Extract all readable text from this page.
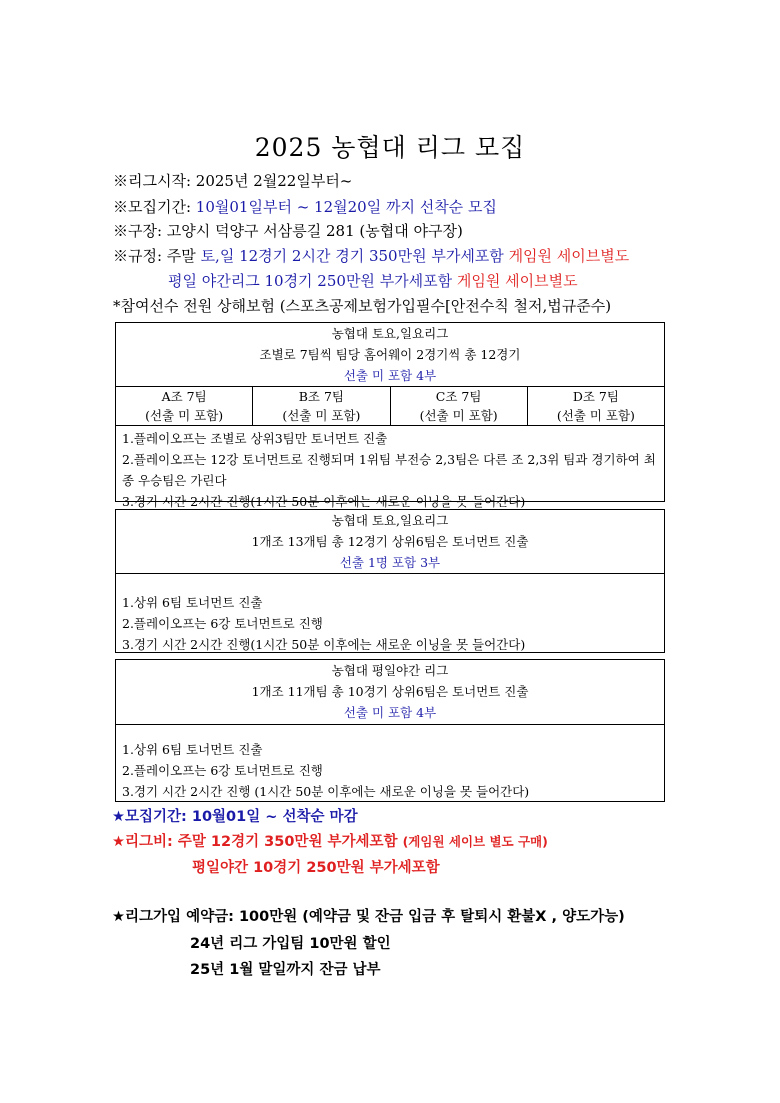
2025 농협대 리그 모집
※리그시작: 2025년 2월22일부터~
※모집기간: 10월01일부터 ~ 12월20일 까지 선착순 모집
※구장: 고양시 덕양구 서삼릉길 281 (농협대 야구장)
※규정: 주말 토,일 12경기 2시간 경기 350만원 부가세포함 게임원 세이브별도
평일 야간리그 10경기 250만원 부가세포함 게임원 세이브별도
*참여선수 전원 상해보험 (스포츠공제보험가입필수[안전수칙 철저,법규준수)
농협대 토요,일요리그
조별로 7팀씩 팀당 홈어웨이 2경기씩 총 12경기
선출 미 포함 4부
A조 7팀
(선출 미 포함)
B조 7팀
(선출 미 포함)
C조 7팀
(선출 미 포함)
D조 7팀
(선출 미 포함)
1.플레이오프는 조별로 상위3팀만 토너먼트 진출
2.플레이오프는 12강 토너먼트로 진행되며 1위팀 부전승 2,3팀은 다른 조 2,3위 팀과 경기하여 최종 우승팀은 가린다
3.경기 시간 2시간 진행(1시간 50분 이후에는 새로운 이닝을 못 들어간다)
농협대 토요,일요리그
1개조 13개팀 총 12경기 상위6팀은 토너먼트 진출
선출 1명 포함 3부
1.상위 6팀 토너먼트 진출
2.플레이오프는 6강 토너먼트로 진행
3.경기 시간 2시간 진행(1시간 50분 이후에는 새로운 이닝을 못 들어간다)
농협대 평일야간 리그
1개조 11개팀 총 10경기 상위6팀은 토너먼트 진출
선출 미 포함 4부
1.상위 6팀 토너먼트 진출
2.플레이오프는 6강 토너먼트로 진행
3.경기 시간 2시간 진행 (1시간 50분 이후에는 새로운 이닝을 못 들어간다)
★모집기간: 10월01일 ~ 선착순 마감
★리그비: 주말 12경기 350만원 부가세포함 (게임원 세이브 별도 구매)
평일야간 10경기 250만원 부가세포함
★리그가입 예약금: 100만원 (예약금 및 잔금 입금 후 탈퇴시 환불X , 양도가능)
24년 리그 가입팀 10만원 할인
25년 1월 말일까지 잔금 납부
